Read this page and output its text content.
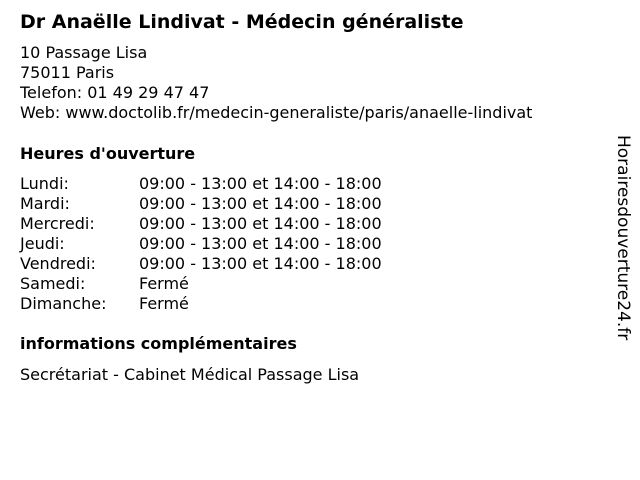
Dr Anaëlle Lindivat - Médecin généraliste
10 Passage Lisa
75011 Paris
Telefon: 01 49 29 47 47
Web: www.doctolib.fr/medecin-generaliste/paris/anaelle-lindivat
Heures d'ouverture
Lundi:	09:00 - 13:00 et 14:00 - 18:00
Mardi:	09:00 - 13:00 et 14:00 - 18:00
Mercredi:	09:00 - 13:00 et 14:00 - 18:00
Jeudi:	09:00 - 13:00 et 14:00 - 18:00
Vendredi:	09:00 - 13:00 et 14:00 - 18:00
Samedi:	Fermé
Dimanche: Fermé
informations complémentaires
Secrétariat - Cabinet Médical Passage Lisa
Horairesdouverture24.fr
